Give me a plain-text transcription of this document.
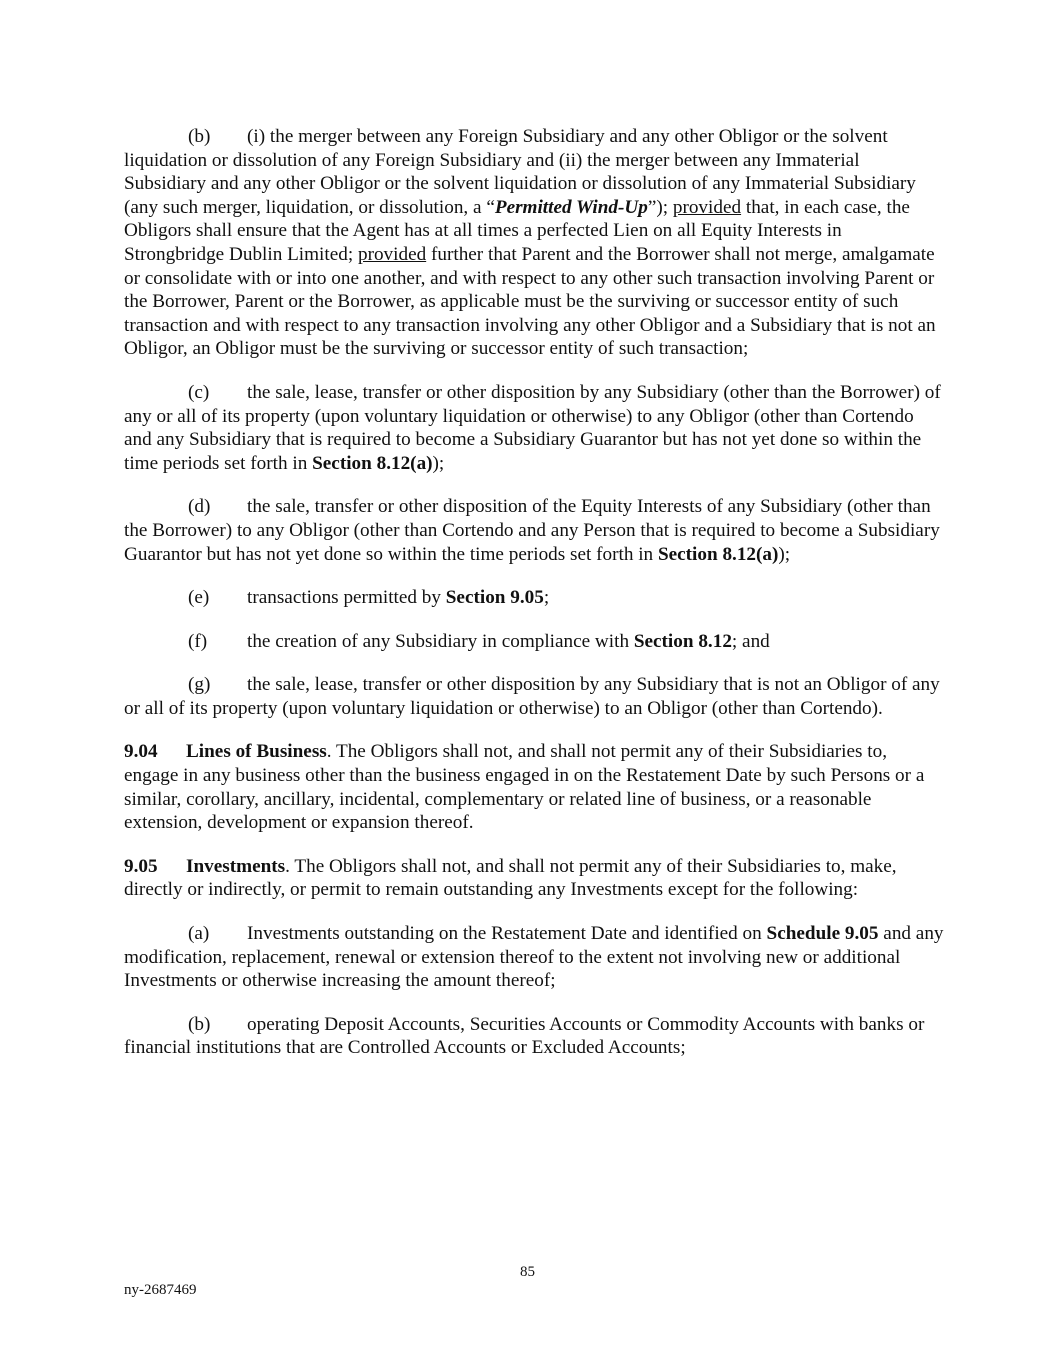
(b) (i) the merger between any Foreign Subsidiary and any other Obligor or the solvent liquidation or dissolution of any Foreign Subsidiary and (ii) the merger between any Immaterial Subsidiary and any other Obligor or the solvent liquidation or dissolution of any Immaterial Subsidiary (any such merger, liquidation, or dissolution, a “Permitted Wind-Up”); provided that, in each case, the Obligors shall ensure that the Agent has at all times a perfected Lien on all Equity Interests in Strongbridge Dublin Limited; provided further that Parent and the Borrower shall not merge, amalgamate or consolidate with or into one another, and with respect to any other such transaction involving Parent or the Borrower, Parent or the Borrower, as applicable must be the surviving or successor entity of such transaction and with respect to any transaction involving any other Obligor and a Subsidiary that is not an Obligor, an Obligor must be the surviving or successor entity of such transaction;

(c) the sale, lease, transfer or other disposition by any Subsidiary (other than the Borrower) of any or all of its property (upon voluntary liquidation or otherwise) to any Obligor (other than Cortendo and any Subsidiary that is required to become a Subsidiary Guarantor but has not yet done so within the time periods set forth in Section 8.12(a));

(d) the sale, transfer or other disposition of the Equity Interests of any Subsidiary (other than the Borrower) to any Obligor (other than Cortendo and any Person that is required to become a Subsidiary Guarantor but has not yet done so within the time periods set forth in Section 8.12(a));

(e) transactions permitted by Section 9.05;

(f) the creation of any Subsidiary in compliance with Section 8.12; and

(g) the sale, lease, transfer or other disposition by any Subsidiary that is not an Obligor of any or all of its property (upon voluntary liquidation or otherwise) to an Obligor (other than Cortendo).

9.04 Lines of Business. The Obligors shall not, and shall not permit any of their Subsidiaries to, engage in any business other than the business engaged in on the Restatement Date by such Persons or a similar, corollary, ancillary, incidental, complementary or related line of business, or a reasonable extension, development or expansion thereof.

9.05 Investments. The Obligors shall not, and shall not permit any of their Subsidiaries to, make, directly or indirectly, or permit to remain outstanding any Investments except for the following:

(a) Investments outstanding on the Restatement Date and identified on Schedule 9.05 and any modification, replacement, renewal or extension thereof to the extent not involving new or additional Investments or otherwise increasing the amount thereof;

(b) operating Deposit Accounts, Securities Accounts or Commodity Accounts with banks or financial institutions that are Controlled Accounts or Excluded Accounts;

85
ny-2687469
